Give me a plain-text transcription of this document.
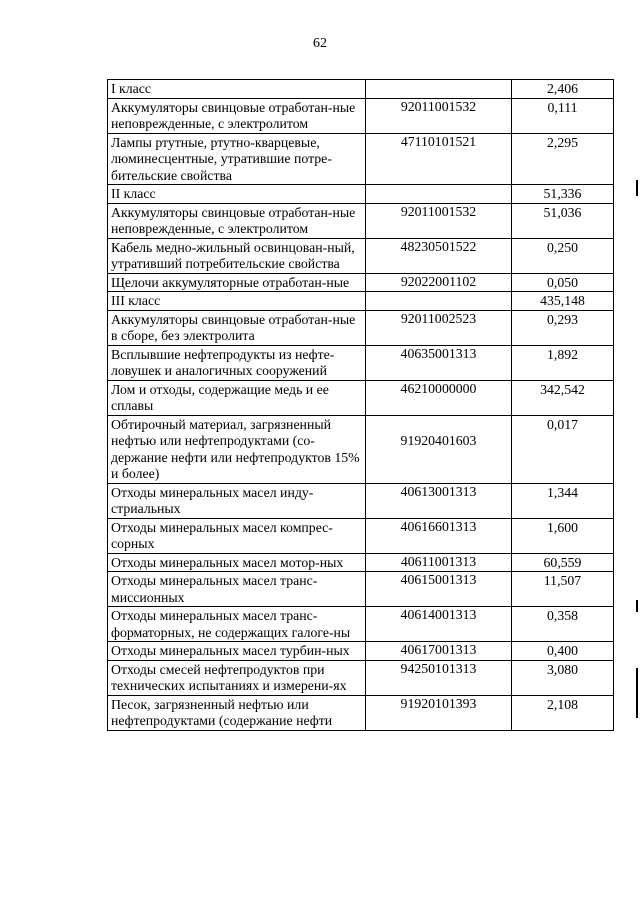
62
I класс		2,406
Аккумуляторы свинцовые отработан-ные неповрежденные, с электролитом	92011001532	0,111
Лампы ртутные, ртутно-кварцевые, люминесцентные, утратившие потре-бительские свойства	47110101521	2,295
II класс		51,336
Аккумуляторы свинцовые отработан-ные неповрежденные, с электролитом	92011001532	51,036
Кабель медно-жильный освинцован-ный, утративший потребительские свойства	48230501522	0,250
Щелочи аккумуляторные отработан-ные	92022001102	0,050
III класс		435,148
Аккумуляторы свинцовые отработан-ные в сборе, без электролита	92011002523	0,293
Всплывшие нефтепродукты из нефте-ловушек и аналогичных сооружений	40635001313	1,892
Лом и отходы, содержащие медь и ее сплавы	46210000000	342,542
Обтирочный материал, загрязненный нефтью или нефтепродуктами (со-держание нефти или нефтепродуктов 15% и более)	91920401603	0,017
Отходы минеральных масел инду-стриальных	40613001313	1,344
Отходы минеральных масел компрес-сорных	40616601313	1,600
Отходы минеральных масел мотор-ных	40611001313	60,559
Отходы минеральных масел транс-миссионных	40615001313	11,507
Отходы минеральных масел транс-форматорных, не содержащих галоге-ны	40614001313	0,358
Отходы минеральных масел турбин-ных	40617001313	0,400
Отходы смесей нефтепродуктов при технических испытаниях и измерени-ях	94250101313	3,080
Песок, загрязненный нефтью или нефтепродуктами (содержание нефти	91920101393	2,108
